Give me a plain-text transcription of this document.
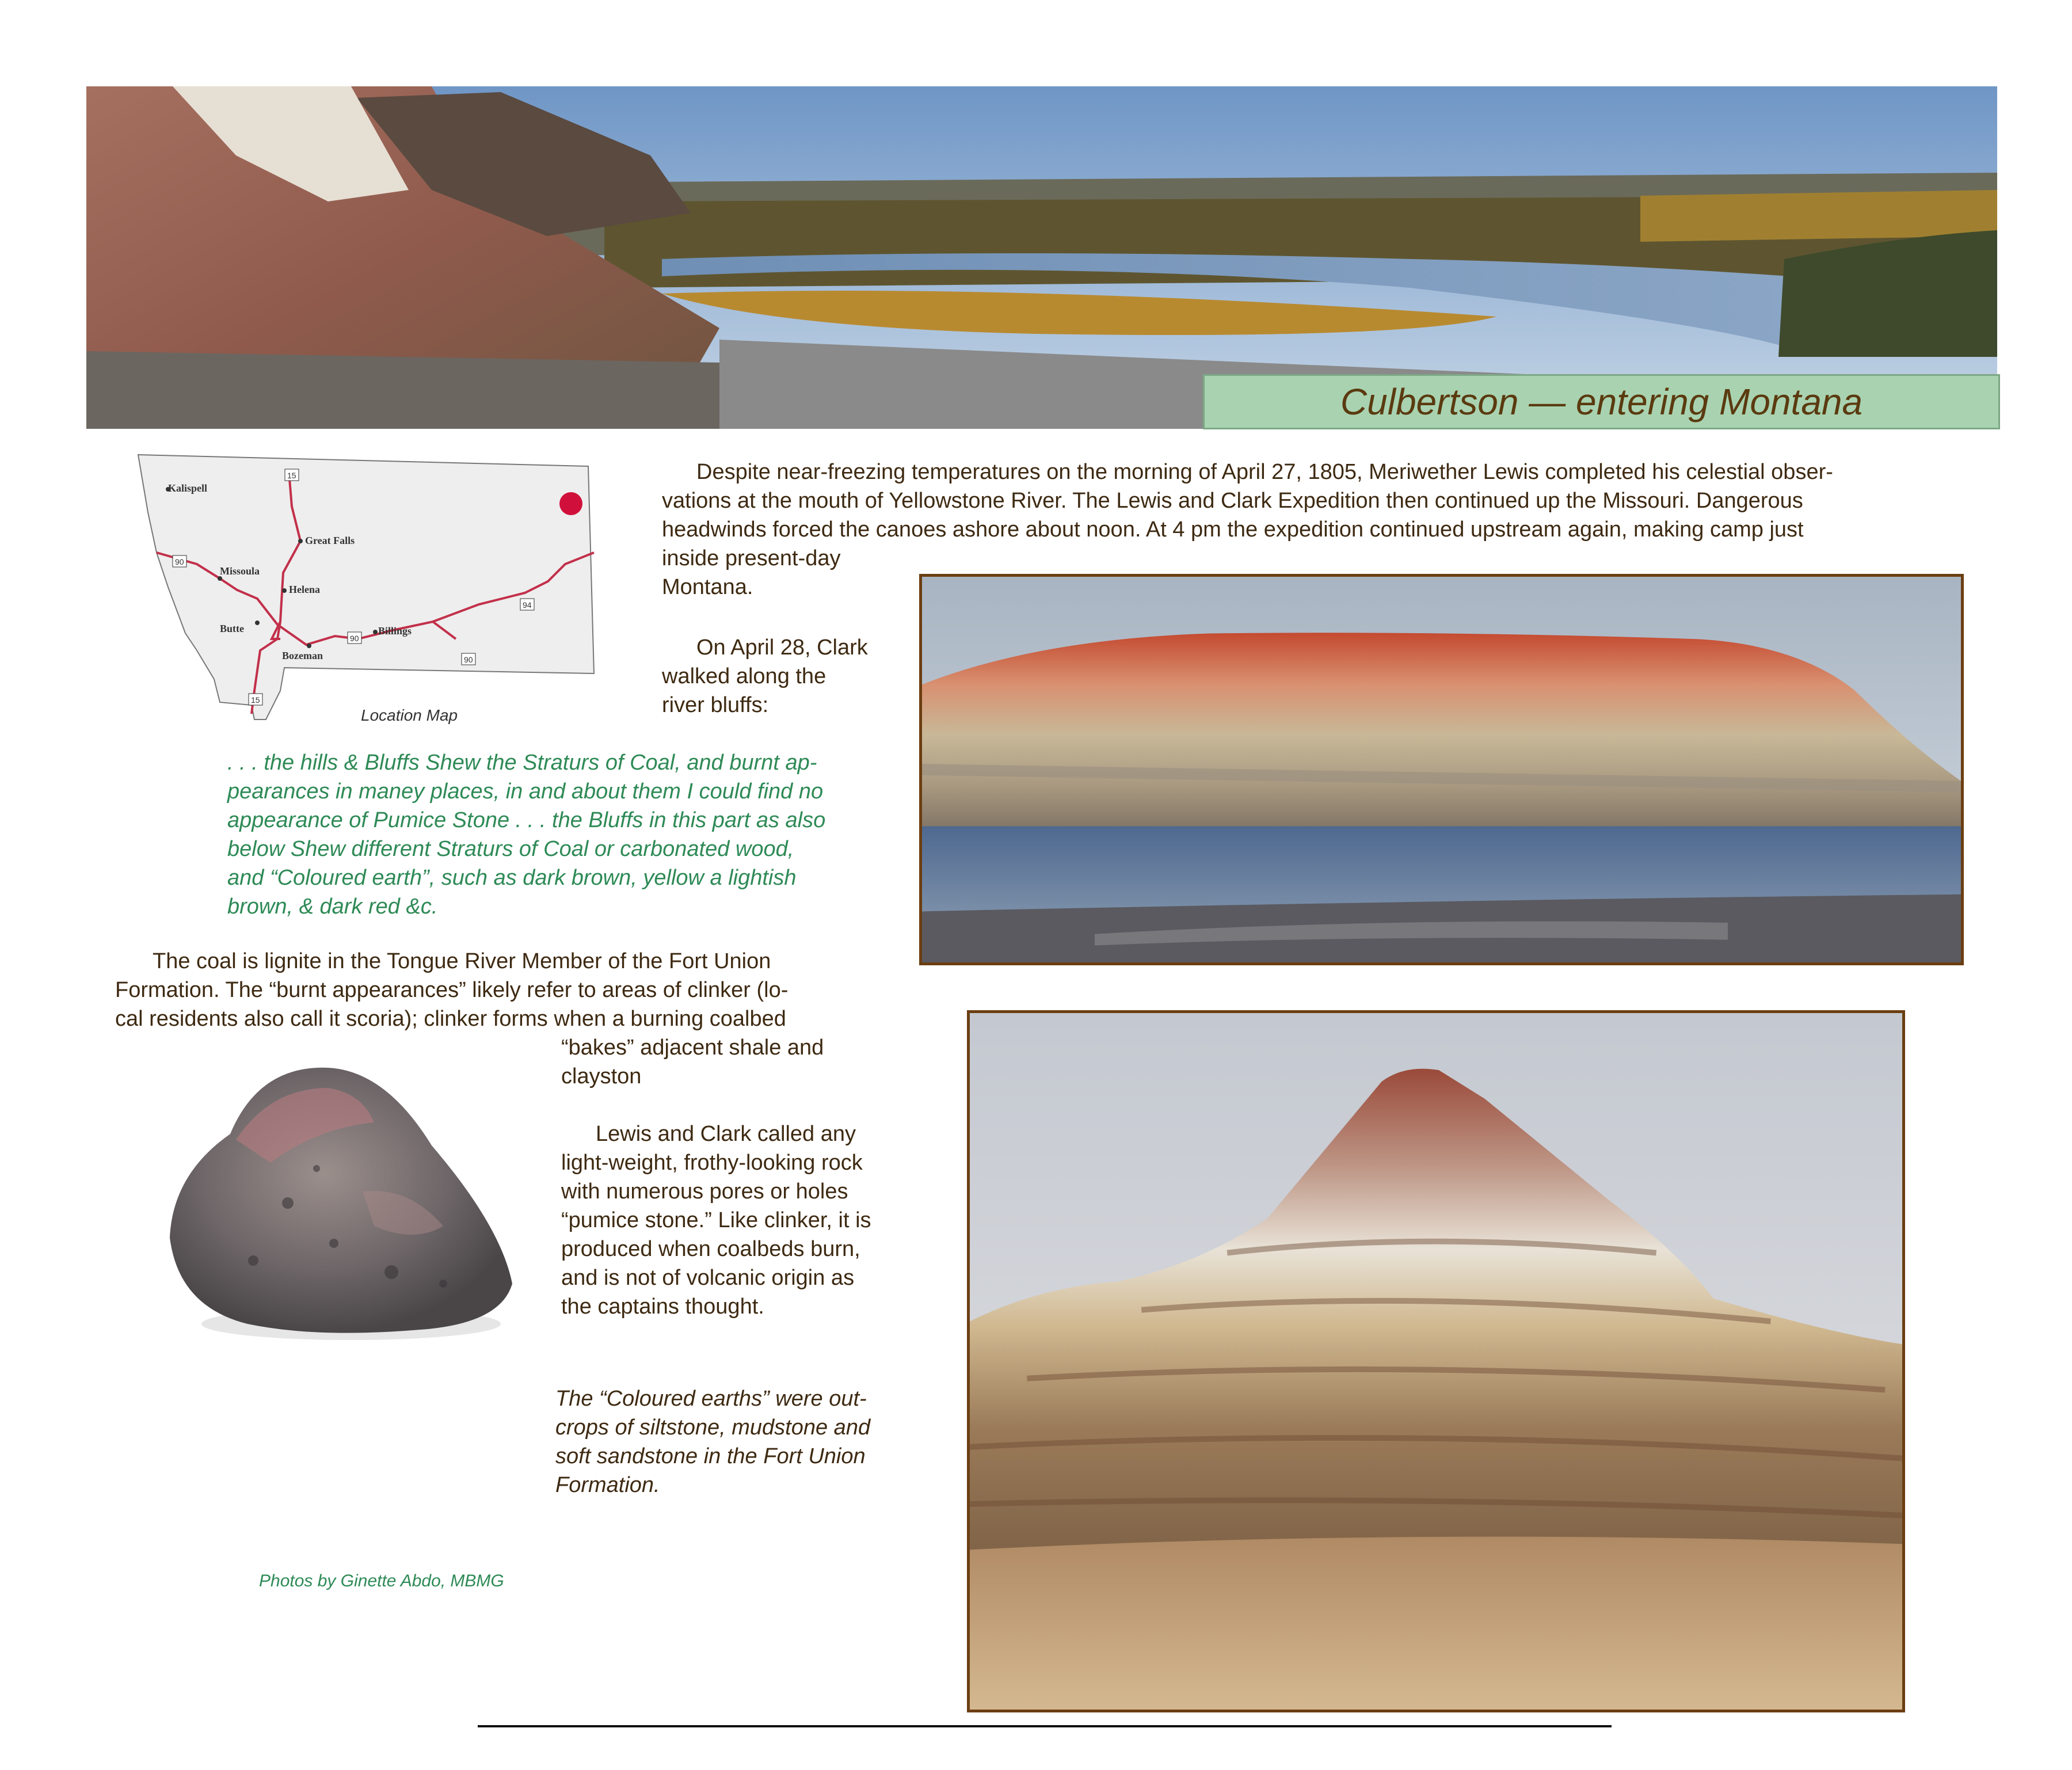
Culbertson — entering Montana
Kalispell
Missoula
Great Falls
Helena
Butte
Bozeman
Billings
15
90
15
90
94
90
Location Map
Despite near-freezing temperatures on the morning of April 27, 1805, Meriwether Lewis completed his celestial obser-
vations at the mouth of Yellowstone River. The Lewis and Clark Expedition then continued up the Missouri. Dangerous
headwinds forced the canoes ashore about noon. At 4 pm the expedition continued upstream again, making camp just
inside present-day
Montana.
On April 28, Clark
walked along the
river bluffs:
. . . the hills & Bluffs Shew the Straturs of Coal, and burnt ap-
pearances in maney places, in and about them I could find no
appearance of Pumice Stone . . . the Bluffs in this part as also
below Shew different Straturs of Coal or carbonated wood,
and “Coloured earth”, such as dark brown, yellow a lightish
brown, & dark red &c.
The coal is lignite in the Tongue River Member of the Fort Union
Formation. The “burnt appearances” likely refer to areas of clinker (lo-
cal residents also call it scoria); clinker forms when a burning coalbed
“bakes” adjacent shale and
clayston
Lewis and Clark called any
light-weight, frothy-looking rock
with numerous pores or holes
“pumice stone.” Like clinker, it is
produced when coalbeds burn,
and is not of volcanic origin as
the captains thought.
The “Coloured earths” were out-
crops of siltstone, mudstone and
soft sandstone in the Fort Union
Formation.
Photos by Ginette Abdo, MBMG
